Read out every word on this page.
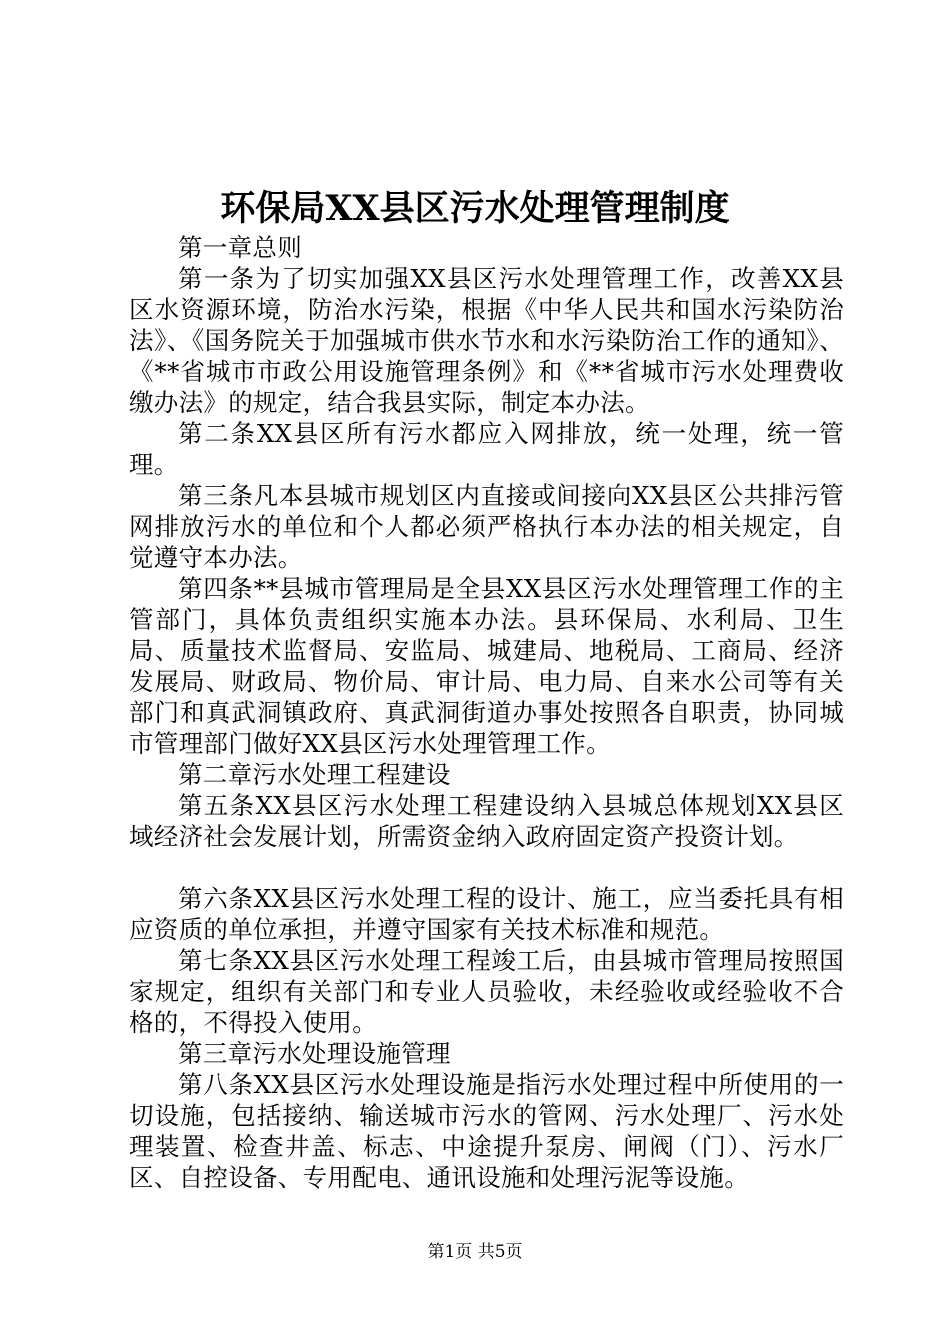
环保局XX县区污水处理管理制度

第一章总则

第一条为了切实加强XX县区污水处理管理工作，改善XX县区水资源环境，防治水污染，根据《中华人民共和国水污染防治法》、《国务院关于加强城市供水节水和水污染防治工作的通知》、《**省城市市政公用设施管理条例》和《**省城市污水处理费收缴办法》的规定，结合我县实际，制定本办法。

第二条XX县区所有污水都应入网排放，统一处理，统一管理。

第三条凡本县城市规划区内直接或间接向XX县区公共排污管网排放污水的单位和个人都必须严格执行本办法的相关规定，自觉遵守本办法。

第四条**县城市管理局是全县XX县区污水处理管理工作的主管部门，具体负责组织实施本办法。县环保局、水利局、卫生局、质量技术监督局、安监局、城建局、地税局、工商局、经济发展局、财政局、物价局、审计局、电力局、自来水公司等有关部门和真武洞镇政府、真武洞街道办事处按照各自职责，协同城市管理部门做好XX县区污水处理管理工作。

第二章污水处理工程建设

第五条XX县区污水处理工程建设纳入县城总体规划XX县区域经济社会发展计划，所需资金纳入政府固定资产投资计划。

第六条XX县区污水处理工程的设计、施工，应当委托具有相应资质的单位承担，并遵守国家有关技术标准和规范。

第七条XX县区污水处理工程竣工后，由县城市管理局按照国家规定，组织有关部门和专业人员验收，未经验收或经验收不合格的，不得投入使用。

第三章污水处理设施管理

第八条XX县区污水处理设施是指污水处理过程中所使用的一切设施，包括接纳、输送城市污水的管网、污水处理厂、污水处理装置、检查井盖、标志、中途提升泵房、闸阀（门）、污水厂区、自控设备、专用配电、通讯设施和处理污泥等设施。

第1页 共5页
